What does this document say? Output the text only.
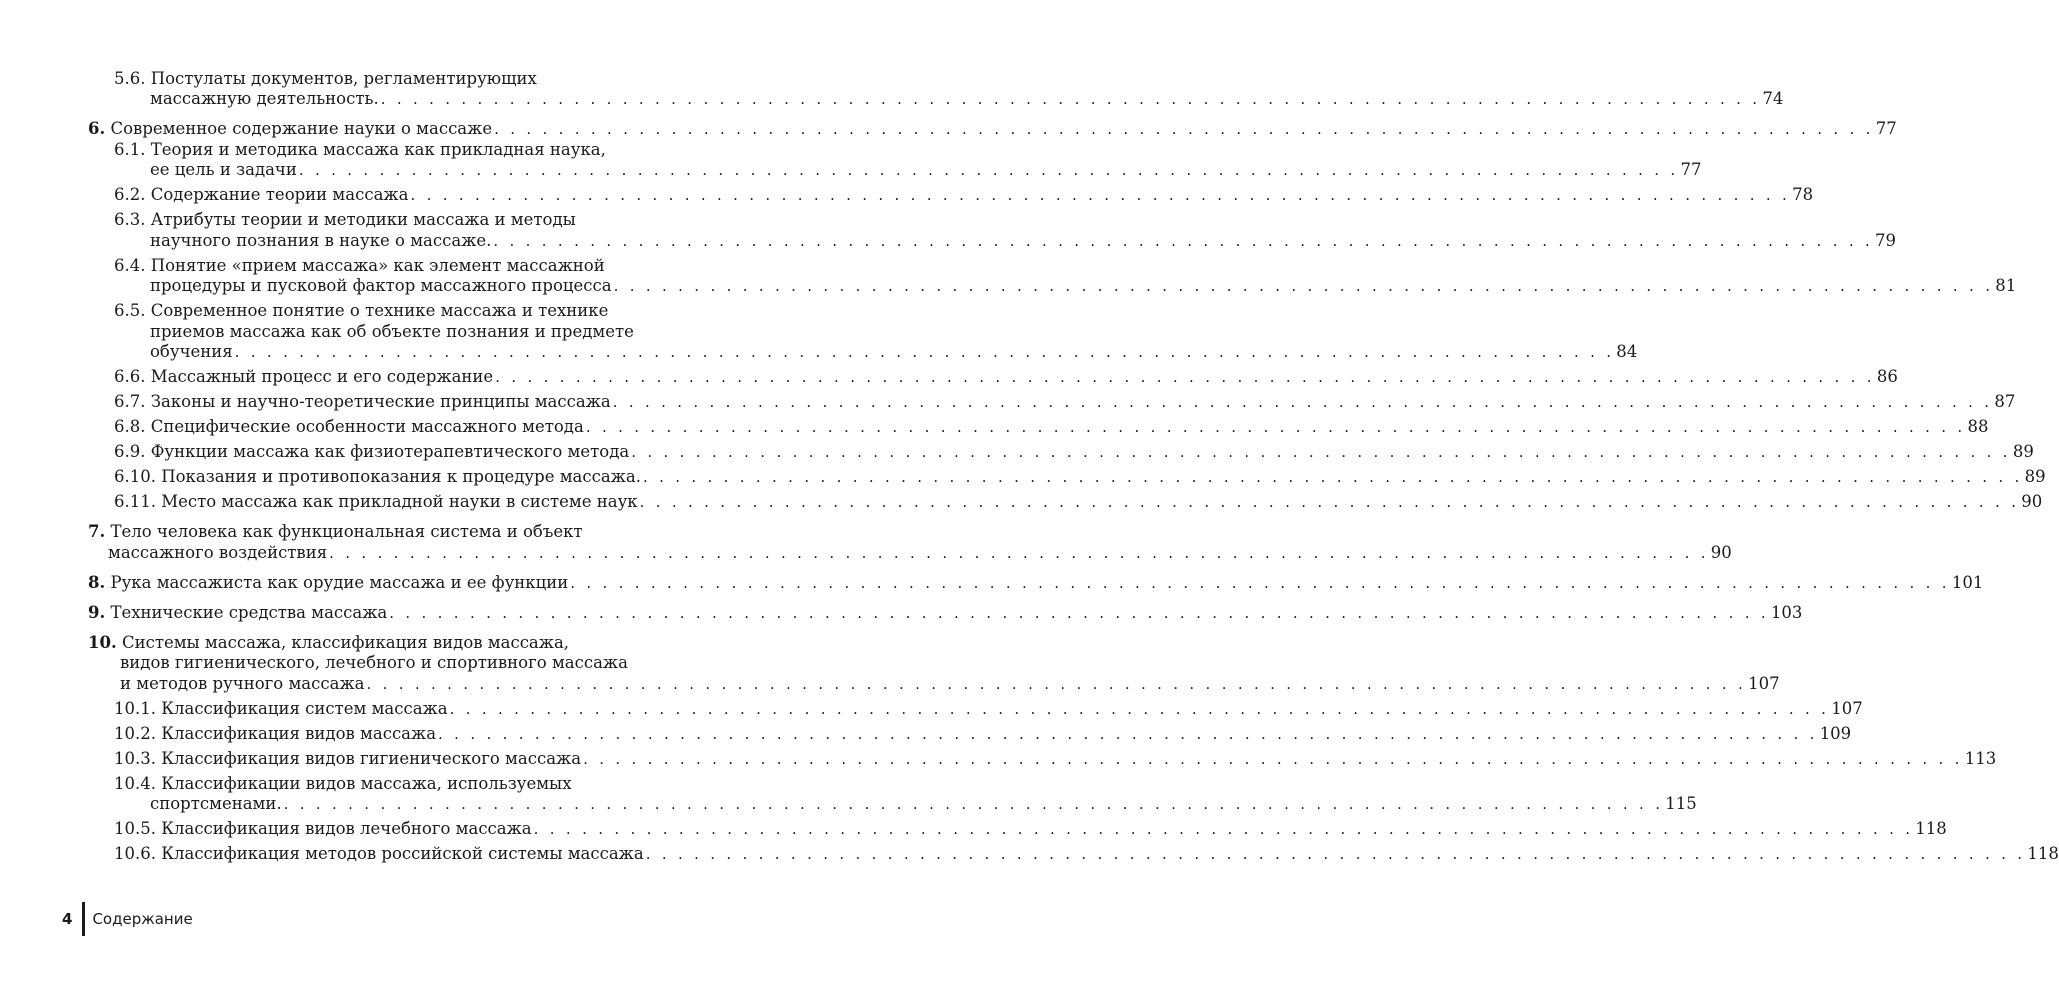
5.6. Постулаты документов, регламентирующих
массажную деятельность. . . . . . . . . . . . . . . . . . . . . . . . . . . . . . . . . . . . . . . . . . . . . . . . . . . . . . . . . . . . . . . . . . . . . . . . . . . . . . . . . . . . . . . 74
6. Современное содержание науки о массаже . . . . . . . . . . . . . . . . . . . . . . . . . . . . . . . . . . . . . . . . . . . . . . . . . . . . . . . . . . . . . . . . . . . . . . . . . . . . . . . . . . . . . . 77
6.1. Теория и методика массажа как прикладная наука,
ее цель и задачи . . . . . . . . . . . . . . . . . . . . . . . . . . . . . . . . . . . . . . . . . . . . . . . . . . . . . . . . . . . . . . . . . . . . . . . . . . . . . . . . . . . . . . 77
6.2. Содержание теории массажа . . . . . . . . . . . . . . . . . . . . . . . . . . . . . . . . . . . . . . . . . . . . . . . . . . . . . . . . . . . . . . . . . . . . . . . . . . . . . . . . . . . . . . 78
6.3. Атрибуты теории и методики массажа и методы
научного познания в науке о массаже. . . . . . . . . . . . . . . . . . . . . . . . . . . . . . . . . . . . . . . . . . . . . . . . . . . . . . . . . . . . . . . . . . . . . . . . . . . . . . . . . . . . . . . 79
6.4. Понятие «прием массажа» как элемент массажной
процедуры и пусковой фактор массажного процесса . . . . . . . . . . . . . . . . . . . . . . . . . . . . . . . . . . . . . . . . . . . . . . . . . . . . . . . . . . . . . . . . . . . . . . . . . . . . . . . . . . . . . . 81
6.5. Современное понятие о технике массажа и технике
приемов массажа как об объекте познания и предмете
обучения . . . . . . . . . . . . . . . . . . . . . . . . . . . . . . . . . . . . . . . . . . . . . . . . . . . . . . . . . . . . . . . . . . . . . . . . . . . . . . . . . . . . . . 84
6.6. Массажный процесс и его содержание . . . . . . . . . . . . . . . . . . . . . . . . . . . . . . . . . . . . . . . . . . . . . . . . . . . . . . . . . . . . . . . . . . . . . . . . . . . . . . . . . . . . . . 86
6.7. Законы и научно-теоретические принципы массажа . . . . . . . . . . . . . . . . . . . . . . . . . . . . . . . . . . . . . . . . . . . . . . . . . . . . . . . . . . . . . . . . . . . . . . . . . . . . . . . . . . . . . . 87
6.8. Специфические особенности массажного метода . . . . . . . . . . . . . . . . . . . . . . . . . . . . . . . . . . . . . . . . . . . . . . . . . . . . . . . . . . . . . . . . . . . . . . . . . . . . . . . . . . . . . . 88
6.9. Функции массажа как физиотерапевтического метода . . . . . . . . . . . . . . . . . . . . . . . . . . . . . . . . . . . . . . . . . . . . . . . . . . . . . . . . . . . . . . . . . . . . . . . . . . . . . . . . . . . . . . 89
6.10. Показания и противопоказания к процедуре массажа. . . . . . . . . . . . . . . . . . . . . . . . . . . . . . . . . . . . . . . . . . . . . . . . . . . . . . . . . . . . . . . . . . . . . . . . . . . . . . . . . . . . . . . 89
6.11. Место массажа как прикладной науки в системе наук . . . . . . . . . . . . . . . . . . . . . . . . . . . . . . . . . . . . . . . . . . . . . . . . . . . . . . . . . . . . . . . . . . . . . . . . . . . . . . . . . . . . . . 90
7. Тело человека как функциональная система и объект
массажного воздействия . . . . . . . . . . . . . . . . . . . . . . . . . . . . . . . . . . . . . . . . . . . . . . . . . . . . . . . . . . . . . . . . . . . . . . . . . . . . . . . . . . . . . . 90
8. Рука массажиста как орудие массажа и ее функции . . . . . . . . . . . . . . . . . . . . . . . . . . . . . . . . . . . . . . . . . . . . . . . . . . . . . . . . . . . . . . . . . . . . . . . . . . . . . . . . . . . . . . 101
9. Технические средства массажа . . . . . . . . . . . . . . . . . . . . . . . . . . . . . . . . . . . . . . . . . . . . . . . . . . . . . . . . . . . . . . . . . . . . . . . . . . . . . . . . . . . . . . 103
10. Системы массажа, классификация видов массажа,
видов гигиенического, лечебного и спортивного массажа
и методов ручного массажа . . . . . . . . . . . . . . . . . . . . . . . . . . . . . . . . . . . . . . . . . . . . . . . . . . . . . . . . . . . . . . . . . . . . . . . . . . . . . . . . . . . . . . 107
10.1. Классификация систем массажа . . . . . . . . . . . . . . . . . . . . . . . . . . . . . . . . . . . . . . . . . . . . . . . . . . . . . . . . . . . . . . . . . . . . . . . . . . . . . . . . . . . . . . 107
10.2. Классификация видов массажа . . . . . . . . . . . . . . . . . . . . . . . . . . . . . . . . . . . . . . . . . . . . . . . . . . . . . . . . . . . . . . . . . . . . . . . . . . . . . . . . . . . . . . 109
10.3. Классификация видов гигиенического массажа . . . . . . . . . . . . . . . . . . . . . . . . . . . . . . . . . . . . . . . . . . . . . . . . . . . . . . . . . . . . . . . . . . . . . . . . . . . . . . . . . . . . . . 113
10.4. Классификации видов массажа, используемых
спортсменами. . . . . . . . . . . . . . . . . . . . . . . . . . . . . . . . . . . . . . . . . . . . . . . . . . . . . . . . . . . . . . . . . . . . . . . . . . . . . . . . . . . . . . . 115
10.5. Классификация видов лечебного массажа . . . . . . . . . . . . . . . . . . . . . . . . . . . . . . . . . . . . . . . . . . . . . . . . . . . . . . . . . . . . . . . . . . . . . . . . . . . . . . . . . . . . . . 118
10.6. Классификация методов российской системы массажа . . . . . . . . . . . . . . . . . . . . . . . . . . . . . . . . . . . . . . . . . . . . . . . . . . . . . . . . . . . . . . . . . . . . . . . . . . . . . . . . . . . . . . 118
4 Содержание
